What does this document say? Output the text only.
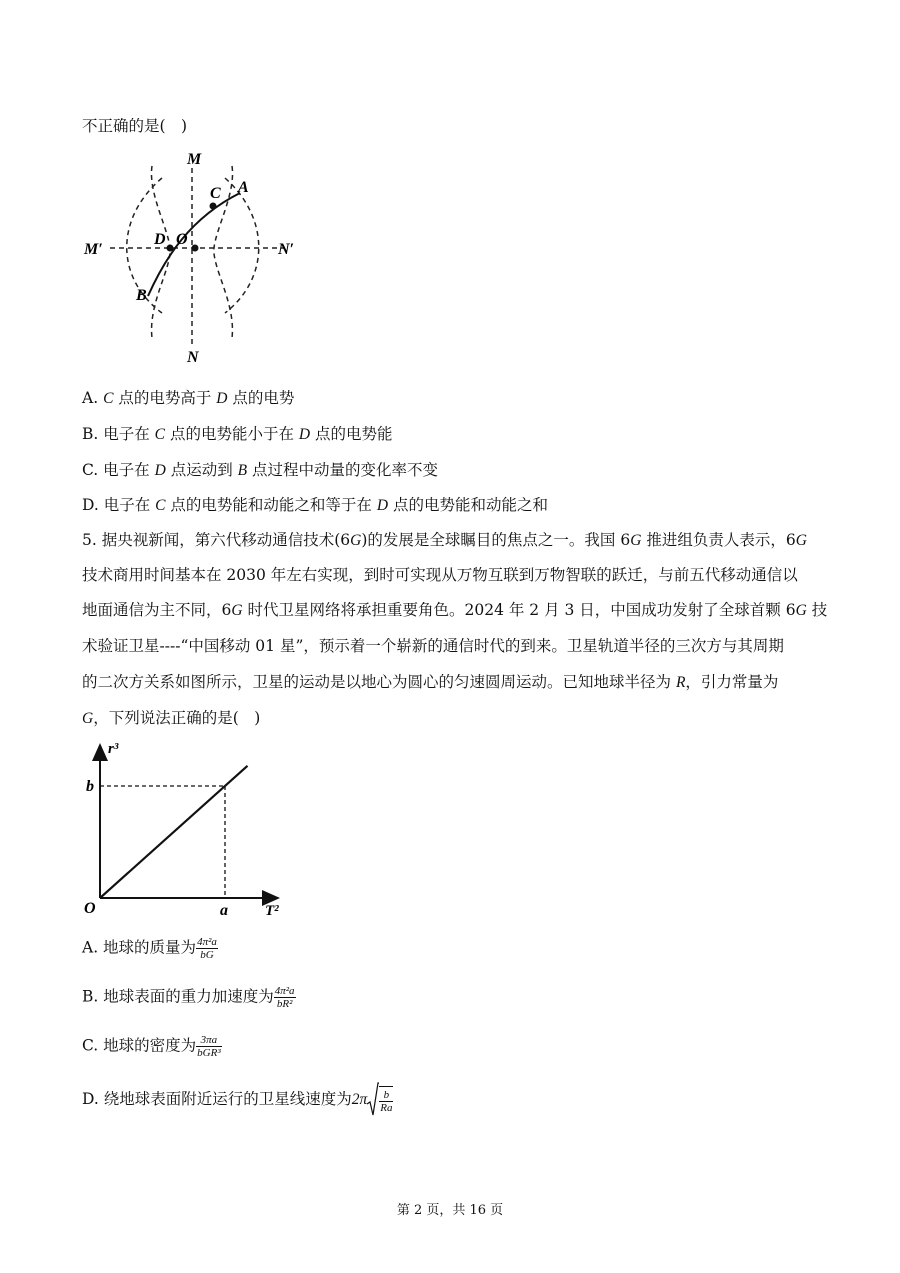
不正确的是(　)
M
N
M′	N′
C A
D O
B
A. C 点的电势高于 D 点的电势
B. 电子在 C 点的电势能小于在 D 点的电势能
C. 电子在 D 点运动到 B 点过程中动量的变化率不变
D. 电子在 C 点的电势能和动能之和等于在 D 点的电势能和动能之和
5. 据央视新闻，第六代移动通信技术(6G)的发展是全球瞩目的焦点之一。我国 6G 推进组负责人表示，6G
技术商用时间基本在 2030 年左右实现，到时可实现从万物互联到万物智联的跃迁，与前五代移动通信以
地面通信为主不同，6G 时代卫星网络将承担重要角色。2024 年 2 月 3 日，中国成功发射了全球首颗 6G 技
术验证卫星----“中国移动 01 星”，预示着一个崭新的通信时代的到来。卫星轨道半径的三次方与其周期
的二次方关系如图所示，卫星的运动是以地心为圆心的匀速圆周运动。已知地球半径为 R，引力常量为
G，下列说法正确的是(　)
r³
T²
O
b
a
A. 地球的质量为 $\frac{\text{4π²a}}{bG}$
B. 地球表面的重力加速度为 $\frac{\text{4π²a}}{\text{bR²}}$
C. 地球的密度为 $\frac{3\pi a}{\text{bGR³}}$
D. 绕地球表面附近运行的卫星线速度为$2\pi \frac{b}{Ra}$
第 2 页，共 16 页
